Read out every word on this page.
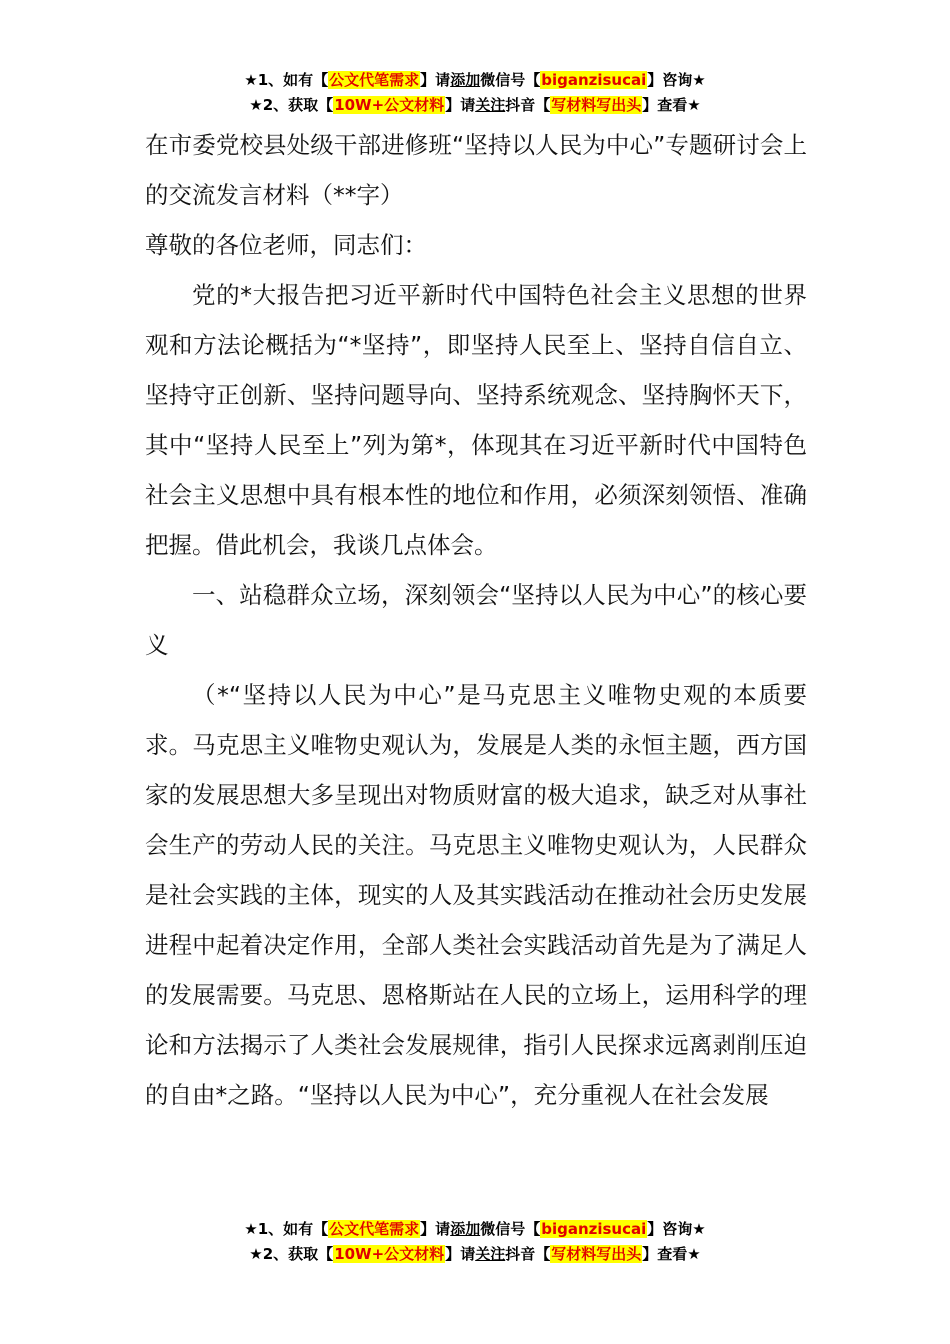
★1、如有【公文代笔需求】请添加微信号【biganzisucai】咨询★
★2、获取【10W+公文材料】请关注抖音【写材料写出头】查看★

在市委党校县处级干部进修班“坚持以人民为中心”专题研讨会上的交流发言材料（**字）

尊敬的各位老师，同志们：

党的*大报告把习近平新时代中国特色社会主义思想的世界观和方法论概括为“*坚持”，即坚持人民至上、坚持自信自立、坚持守正创新、坚持问题导向、坚持系统观念、坚持胸怀天下，其中“坚持人民至上”列为第*，体现其在习近平新时代中国特色社会主义思想中具有根本性的地位和作用，必须深刻领悟、准确把握。借此机会，我谈几点体会。

一、站稳群众立场，深刻领会“坚持以人民为中心”的核心要义

（*“坚持以人民为中心”是马克思主义唯物史观的本质要求。马克思主义唯物史观认为，发展是人类的永恒主题，西方国家的发展思想大多呈现出对物质财富的极大追求，缺乏对从事社会生产的劳动人民的关注。马克思主义唯物史观认为，人民群众是社会实践的主体，现实的人及其实践活动在推动社会历史发展进程中起着决定作用，全部人类社会实践活动首先是为了满足人的发展需要。马克思、恩格斯站在人民的立场上，运用科学的理论和方法揭示了人类社会发展规律，指引人民探求远离剥削压迫的自由*之路。“坚持以人民为中心”，充分重视人在社会发展

★1、如有【公文代笔需求】请添加微信号【biganzisucai】咨询★
★2、获取【10W+公文材料】请关注抖音【写材料写出头】查看★
